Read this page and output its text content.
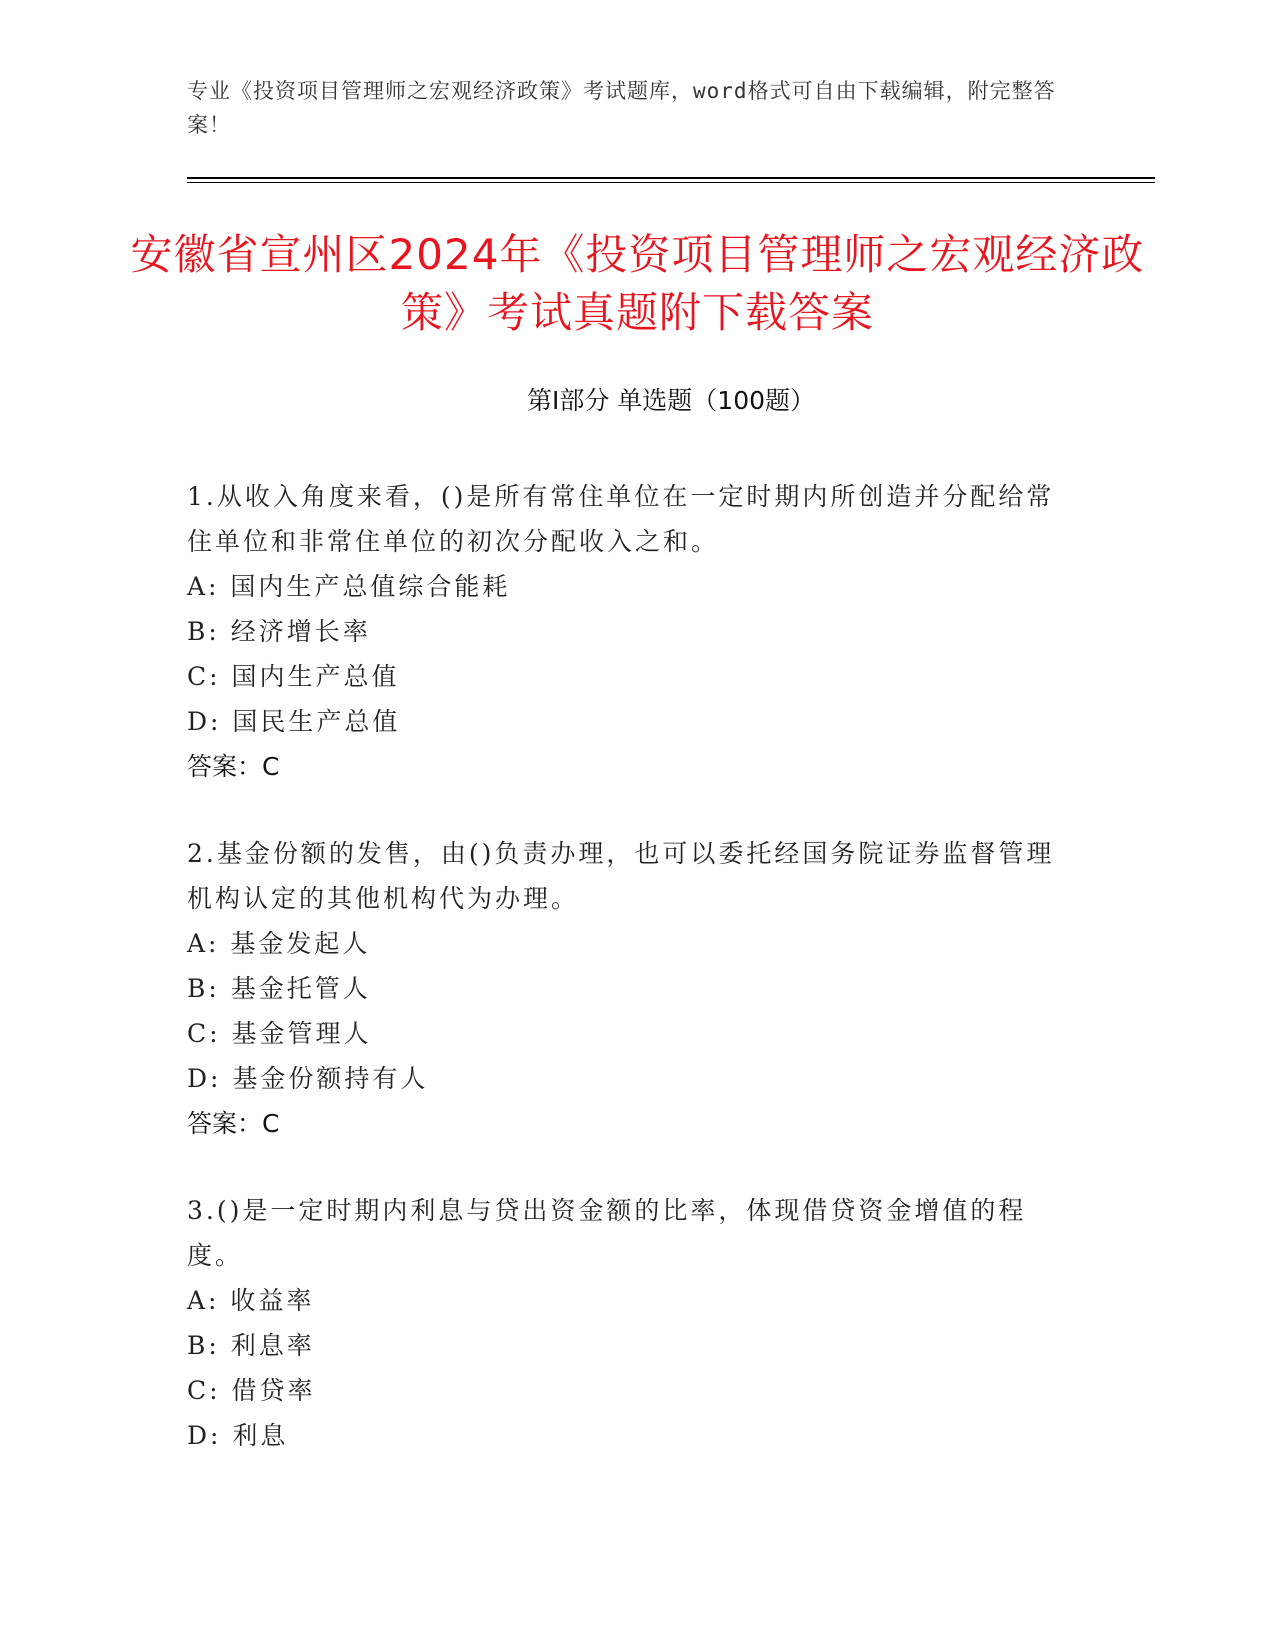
专业《投资项目管理师之宏观经济政策》考试题库，word格式可自由下载编辑，附完整答案！
安徽省宣州区2024年《投资项目管理师之宏观经济政策》考试真题附下载答案
第Ⅰ部分 单选题（100题）

1.从收入角度来看，()是所有常住单位在一定时期内所创造并分配给常住单位和非常住单位的初次分配收入之和。

A: 国内生产总值综合能耗
B: 经济增长率
C: 国内生产总值
D: 国民生产总值
答案：C

2.基金份额的发售，由()负责办理，也可以委托经国务院证券监督管理机构认定的其他机构代为办理。

A: 基金发起人
B: 基金托管人
C: 基金管理人
D: 基金份额持有人
答案：C

3.()是一定时期内利息与贷出资金额的比率，体现借贷资金增值的程度。

A: 收益率
B: 利息率
C: 借贷率
D: 利息
